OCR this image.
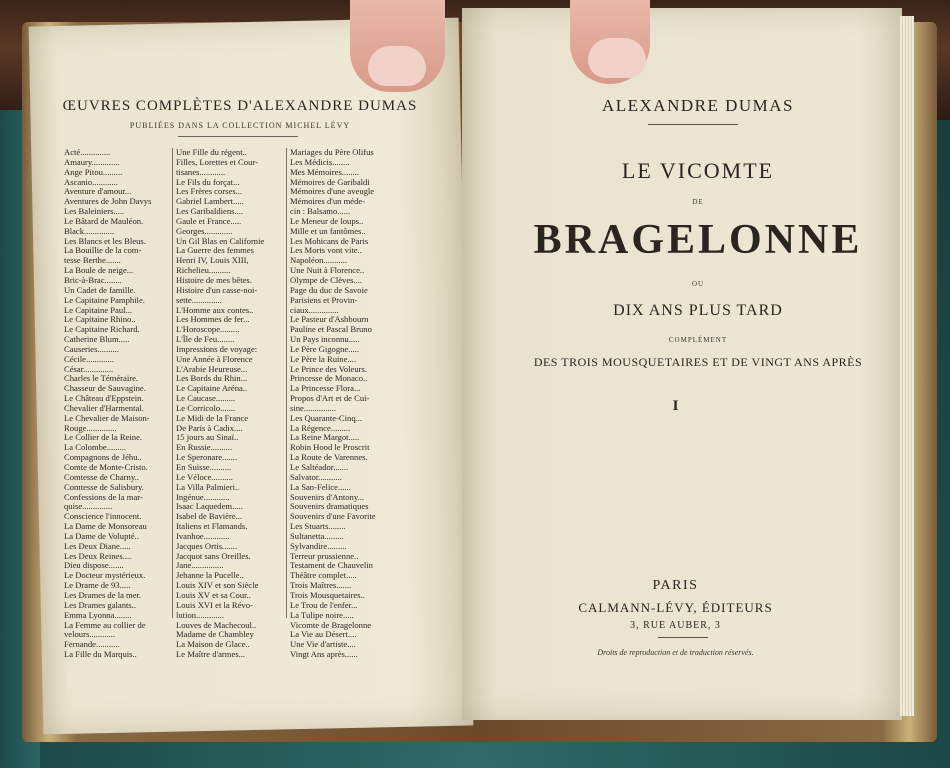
ŒUVRES COMPLÈTES D'ALEXANDRE DUMAS
PUBLIÉES DANS LA COLLECTION MICHEL LÉVY
Acté..............
Amaury.............
Ange Pitou.........
Ascanio............
Aventure d'amour...
Aventures de John Davys
Les Baleiniers.....
Le Bâtard de Mauléon.
Black..............
Les Blancs et les Bleus.
La Bouillie de la com-
tesse Berthe.......
La Boule de neige...
Bric-à-Brac........
Un Cadet de famille.
Le Capitaine Pamphile.
Le Capitaine Paul...
Le Capitaine Rhino..
Le Capitaine Richard.
Catherine Blum.....
Causeries..........
Cécile.............
César..............
Charles le Téméraire.
Chasseur de Sauvagine.
Le Château d'Eppstein.
Chevalier d'Harmental.
Le Chevalier de Maison-
Rouge..............
Le Collier de la Reine.
La Colombe.........
Compagnons de Jéhu..
Comte de Monte-Cristo.
Comtesse de Charny..
Comtesse de Salisbury.
Confessions de la mar-
quise..............
Conscience l'innocent.
La Dame de Monsoreau
La Dame de Volupté..
Les Deux Diane.....
Les Deux Reines....
Dieu dispose.......
Le Docteur mystérieux.
Le Drame de 93.....
Les Drames de la mer.
Les Drames galants..
Emma Lyonna........
La Femme au collier de
velours............
Fernande...........
La Fille du Marquis..
Une Fille du régent..
Filles, Lorettes et Cour-
tisanes............
Le Fils du forçat...
Les Frères corses...
Gabriel Lambert.....
Les Garibaldiens....
Gaule et France.....
Georges.............
Un Gil Blas en Californie
La Guerre des femmes
Henri IV, Louis XIII,
Richelieu..........
Histoire de mes bêtes.
Histoire d'un casse-noi-
sette..............
L'Homme aux contes..
Les Hommes de fer...
L'Horoscope.........
L'Île de Feu........
Impressions de voyage:
Une Année à Florence
L'Arabie Heureuse...
Les Bords du Rhin...
Le Capitaine Aréna..
Le Caucase.........
Le Corricolo.......
Le Midi de la France
De Paris à Cadix....
15 jours au Sinaï..
En Russie..........
Le Speronare.......
En Suisse..........
Le Véloce..........
La Villa Palmieri..
Ingénue............
Isaac Laquedem.....
Isabel de Bavière...
Italiens et Flamands.
Ivanhoe............
Jacques Ortis.......
Jacquot sans Oreilles.
Jane...............
Jehanne la Pucelle..
Louis XIV et son Siècle
Louis XV et sa Cour..
Louis XVI et la Révo-
lution.............
Louves de Machecoul..
Madame de Chambley
La Maison de Glace..
Le Maître d'armes...
Mariages du Père Olifus
Les Médicis........
Mes Mémoires........
Mémoires de Garibaldi
Mémoires d'une aveugle
Mémoires d'un méde-
cin : Balsamo......
Le Meneur de loups..
Mille et un fantômes..
Les Mohicans de Paris
Les Morts vont vite..
Napoléon...........
Une Nuit à Florence..
Olympe de Clèves....
Page du duc de Savoie
Parisiens et Provin-
ciaux..............
Le Pasteur d'Ashbourn
Pauline et Pascal Bruno
Un Pays inconnu.....
Le Père Gigogne.....
Le Père la Ruine....
Le Prince des Voleurs.
Princesse de Monaco..
La Princesse Flora...
Propos d'Art et de Cui-
sine...............
Les Quarante-Cinq...
La Régence.........
La Reine Margot.....
Robin Hood le Proscrit
La Route de Varennes.
Le Saltéador.......
Salvator...........
La San-Felice......
Souvenirs d'Antony...
Souvenirs dramatiques
Souvenirs d'une Favorite
Les Stuarts........
Sultanetta.........
Sylvandire.........
Terreur prussienne..
Testament de Chauvelin
Théâtre complet.....
Trois Maîtres.......
Trois Mousquetaires..
Le Trou de l'enfer...
La Tulipe noire.....
Vicomte de Bragelonne
La Vie au Désert....
Une Vie d'artiste....
Vingt Ans après......
ALEXANDRE DUMAS
LE VICOMTE
DE
BRAGELONNE
OU
DIX ANS PLUS TARD
COMPLÉMENT
DES TROIS MOUSQUETAIRES ET DE VINGT ANS APRÈS
I
PARIS
CALMANN-LÉVY, ÉDITEURS
3, RUE AUBER, 3
Droits de reproduction et de traduction réservés.
